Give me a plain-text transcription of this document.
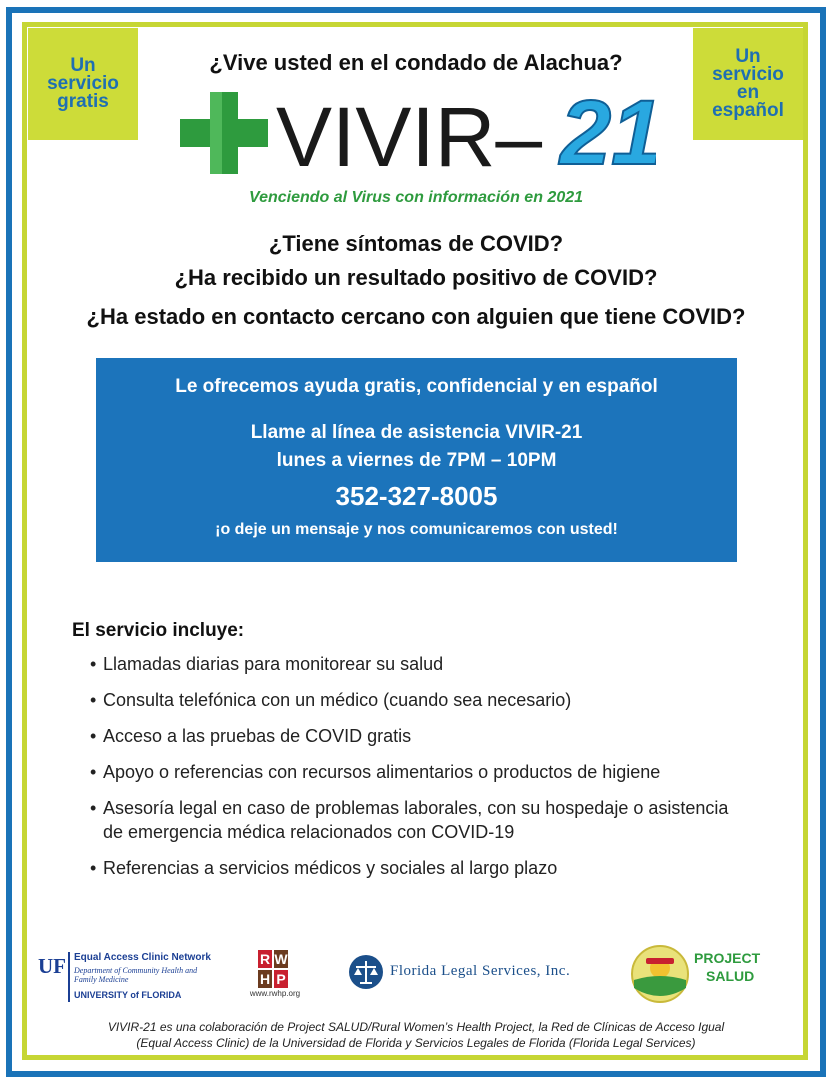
Un
servicio
gratis
Un
servicio
en
español
¿Vive usted en el condado de Alachua?
VIVIR– 21
Venciendo al Virus con información en 2021
¿Tiene síntomas de COVID?
¿Ha recibido un resultado positivo de COVID?
¿Ha estado en contacto cercano con alguien que tiene COVID?
Le ofrecemos ayuda gratis, confidencial y en español
Llame al línea de asistencia VIVIR-21
lunes a viernes de 7PM – 10PM
352-327-8005
¡o deje un mensaje y nos comunicaremos con usted!
El servicio incluye:
• Llamadas diarias para monitorear su salud
• Consulta telefónica con un médico (cuando sea necesario)
• Acceso a las pruebas de COVID gratis
• Apoyo o referencias con recursos alimentarios o productos de higiene
• Asesoría legal en caso de problemas laborales, con su hospedaje o asistencia de emergencia médica relacionados con COVID-19
• Referencias a servicios médicos y sociales al largo plazo
UF Equal Access Clinic Network
Department of Community Health and Family Medicine
UNIVERSITY of FLORIDA
R W
H P
www.rwhp.org
Florida Legal Services, Inc.
PROJECT
SALUD
VIVIR-21 es una colaboración de Project SALUD/Rural Women’s Health Project, la Red de Clínicas de Acceso Igual
(Equal Access Clinic) de la Universidad de Florida y Servicios Legales de Florida (Florida Legal Services)
